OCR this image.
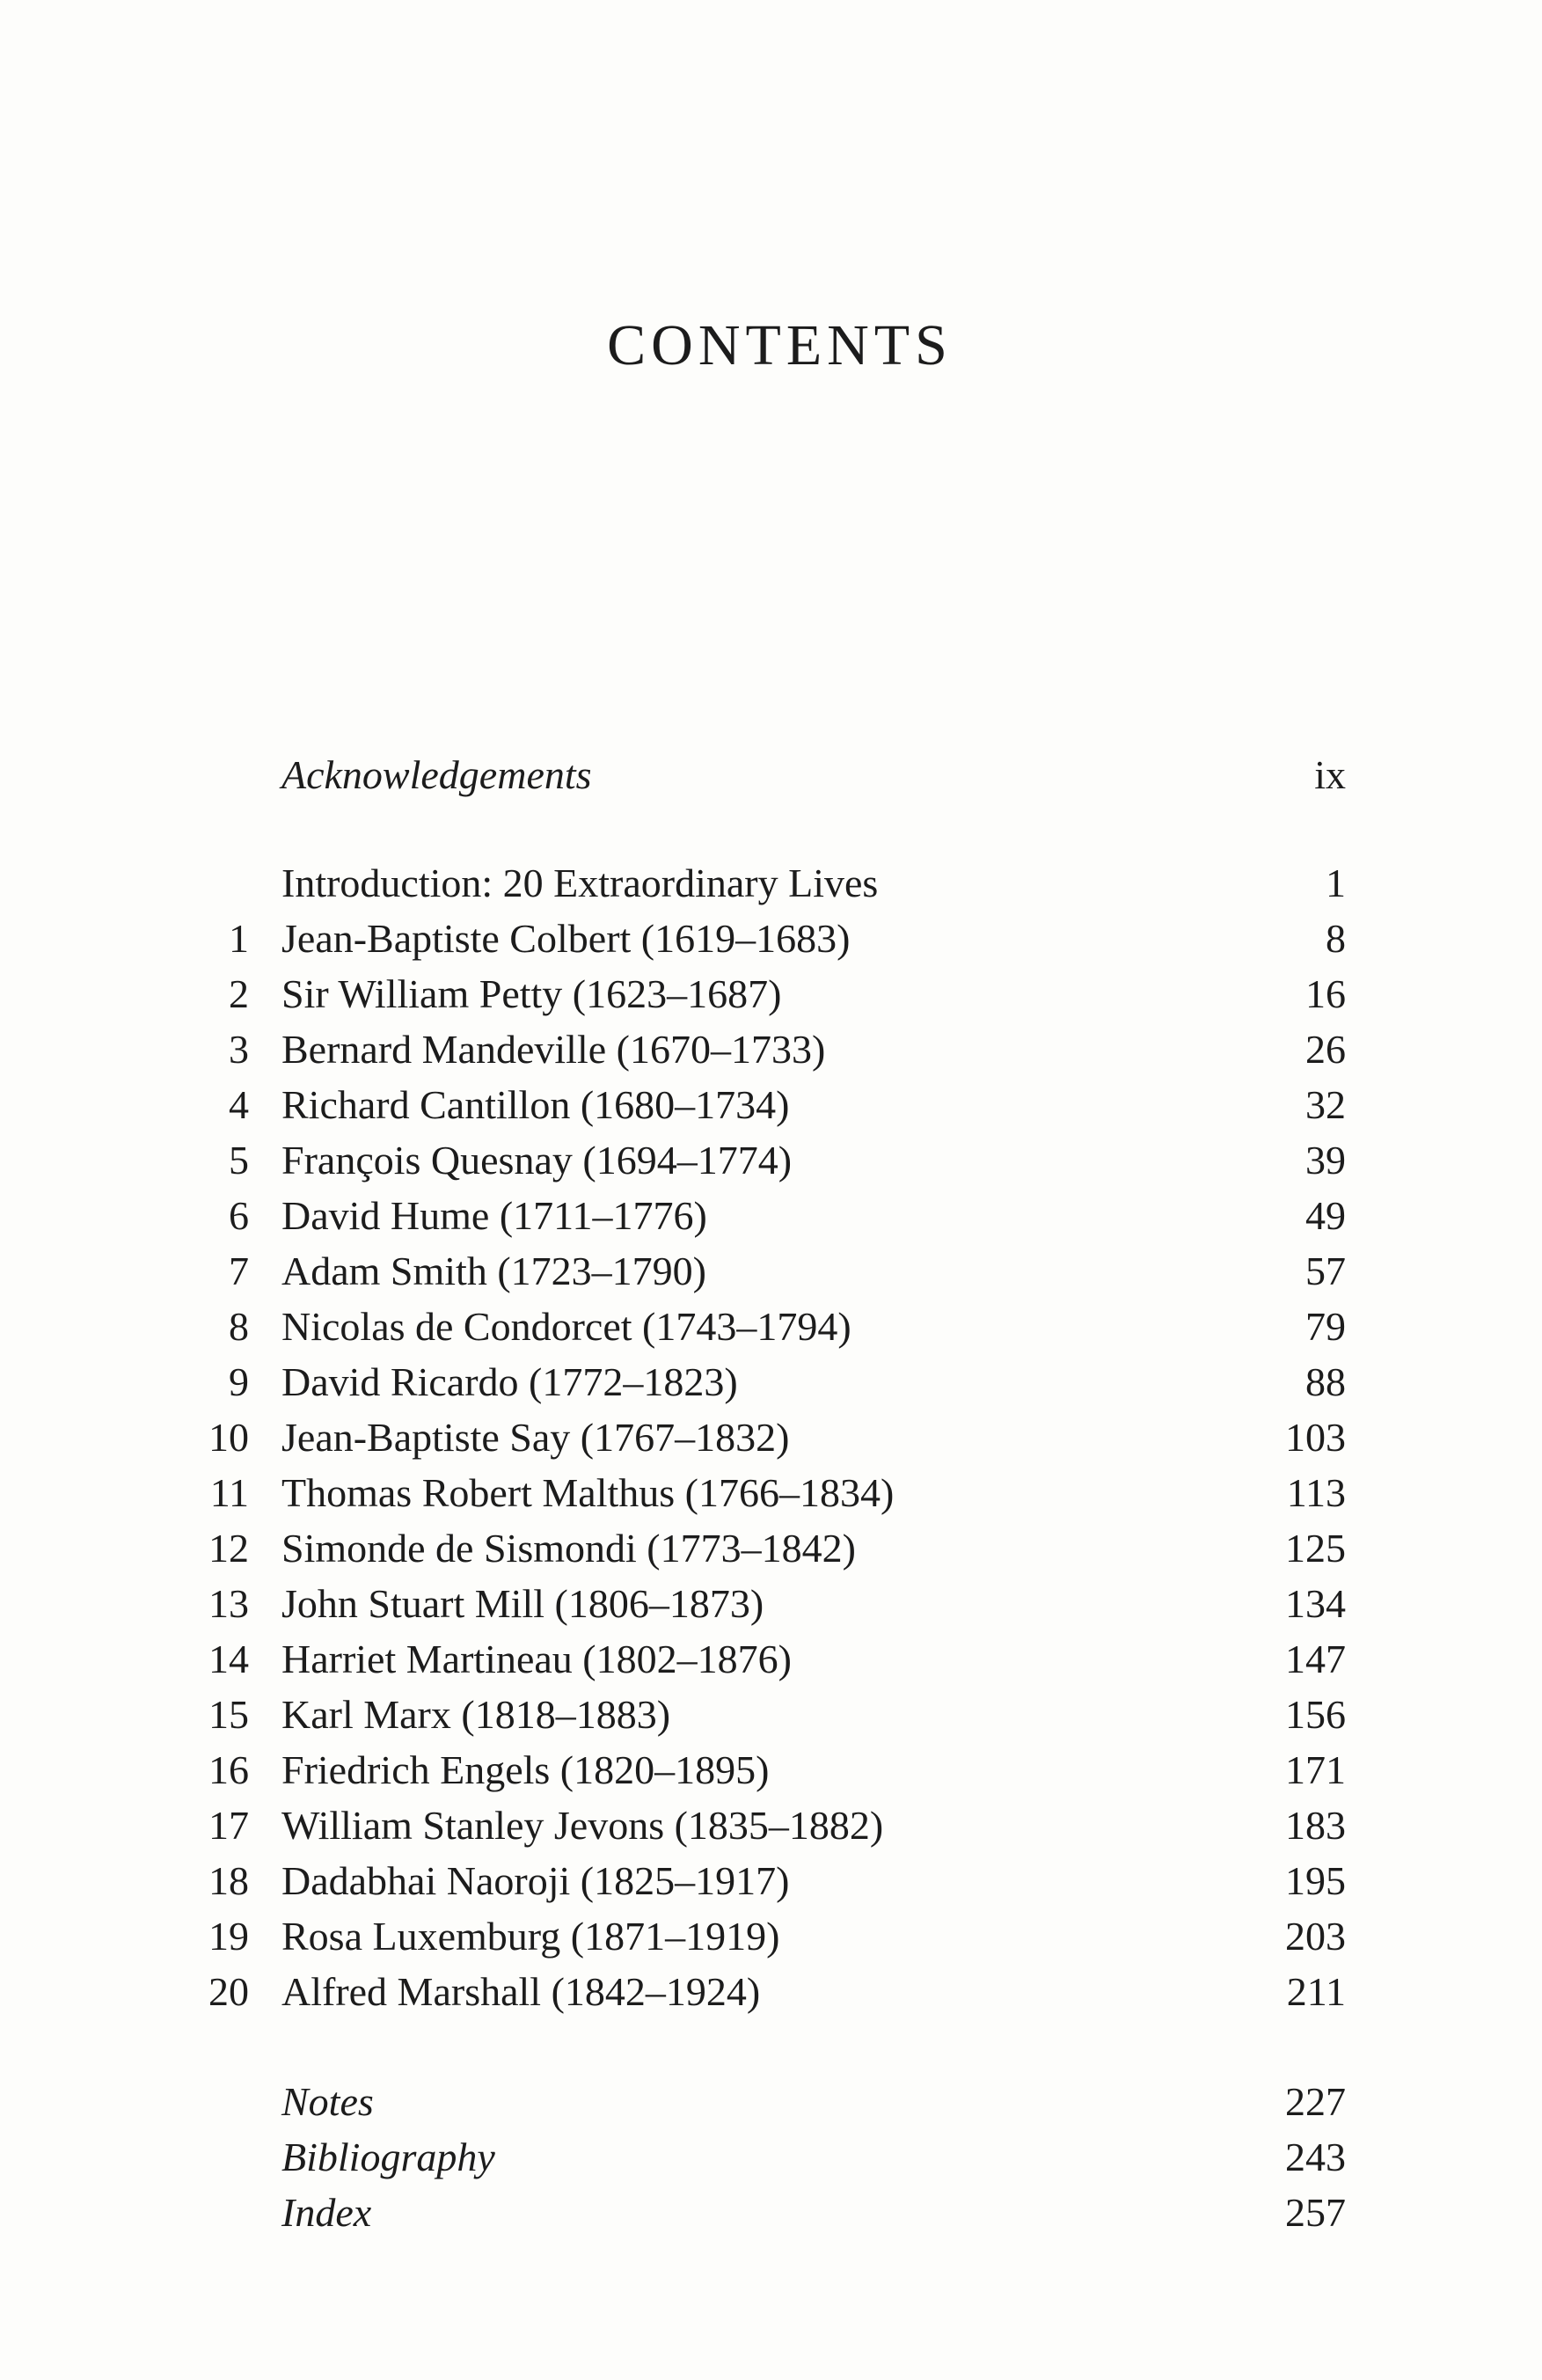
CONTENTS
Acknowledgements	ix
Introduction: 20 Extraordinary Lives	1
1 Jean-Baptiste Colbert (1619–1683)	8
2 Sir William Petty (1623–1687)	16
3 Bernard Mandeville (1670–1733)	26
4 Richard Cantillon (1680–1734)	32
5 François Quesnay (1694–1774)	39
6 David Hume (1711–1776)	49
7 Adam Smith (1723–1790)	57
8 Nicolas de Condorcet (1743–1794)	79
9 David Ricardo (1772–1823)	88
10 Jean-Baptiste Say (1767–1832)	103
11 Thomas Robert Malthus (1766–1834)	113
12 Simonde de Sismondi (1773–1842)	125
13 John Stuart Mill (1806–1873)	134
14 Harriet Martineau (1802–1876)	147
15 Karl Marx (1818–1883)	156
16 Friedrich Engels (1820–1895)	171
17 William Stanley Jevons (1835–1882)	183
18 Dadabhai Naoroji (1825–1917)	195
19 Rosa Luxemburg (1871–1919)	203
20 Alfred Marshall (1842–1924)	211
Notes	227
Bibliography	243
Index	257
